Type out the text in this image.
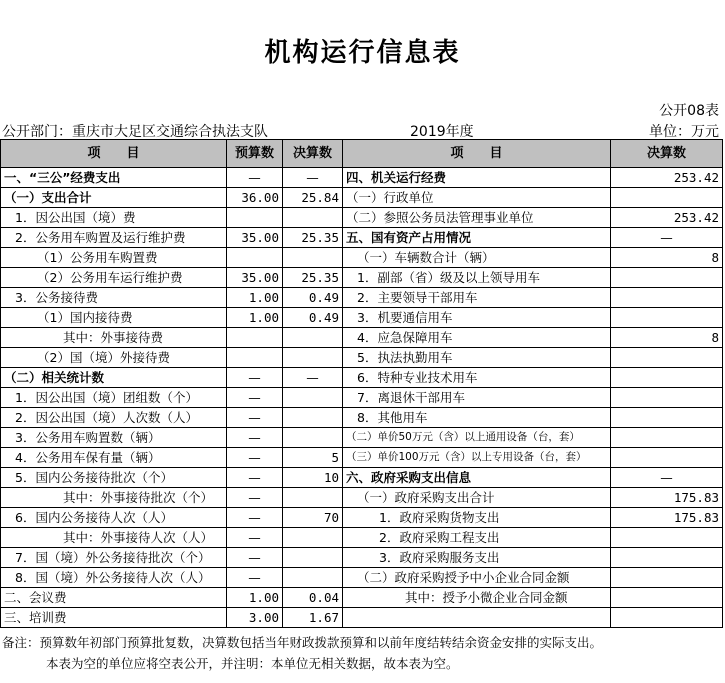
机构运行信息表
公开08表
公开部门：重庆市大足区交通综合执法支队	2019年度	单位：万元
项　　目	预算数	决算数	项　　目	决算数
一、“三公”经费支出	—	—	四、机关运行经费	253.42
（一）支出合计	36.00	25.84	（一）行政单位	
1．因公出国（境）费			（二）参照公务员法管理事业单位	253.42
2．公务用车购置及运行维护费	35.00	25.35	五、国有资产占用情况	—
（1）公务用车购置费			（一）车辆数合计（辆）	8
（2）公务用车运行维护费	35.00	25.35	1．副部（省）级及以上领导用车	
3．公务接待费	1.00	0.49	2．主要领导干部用车	
（1）国内接待费	1.00	0.49	3．机要通信用车	
其中：外事接待费			4．应急保障用车	8
（2）国（境）外接待费			5．执法执勤用车	
（二）相关统计数	—	—	6．特种专业技术用车	
1．因公出国（境）团组数（个）	—		7．离退休干部用车	
2．因公出国（境）人次数（人）	—		8．其他用车	
3．公务用车购置数（辆）	—		（二）单价50万元（含）以上通用设备（台，套）	
4．公务用车保有量（辆）	—	5	（三）单价100万元（含）以上专用设备（台，套）	
5．国内公务接待批次（个）	—	10	六、政府采购支出信息	—
其中：外事接待批次（个）	—		（一）政府采购支出合计	175.83
6．国内公务接待人次（人）	—	70	1．政府采购货物支出	175.83
其中：外事接待人次（人）	—		2．政府采购工程支出	
7．国（境）外公务接待批次（个）	—		3．政府采购服务支出	
8．国（境）外公务接待人次（人）	—		（二）政府采购授予中小企业合同金额	
二、会议费	1.00	0.04	其中：授予小微企业合同金额	
三、培训费	3.00	1.67		
备注：预算数年初部门预算批复数，决算数包括当年财政拨款预算和以前年度结转结余资金安排的实际支出。
本表为空的单位应将空表公开，并注明：本单位无相关数据，故本表为空。
